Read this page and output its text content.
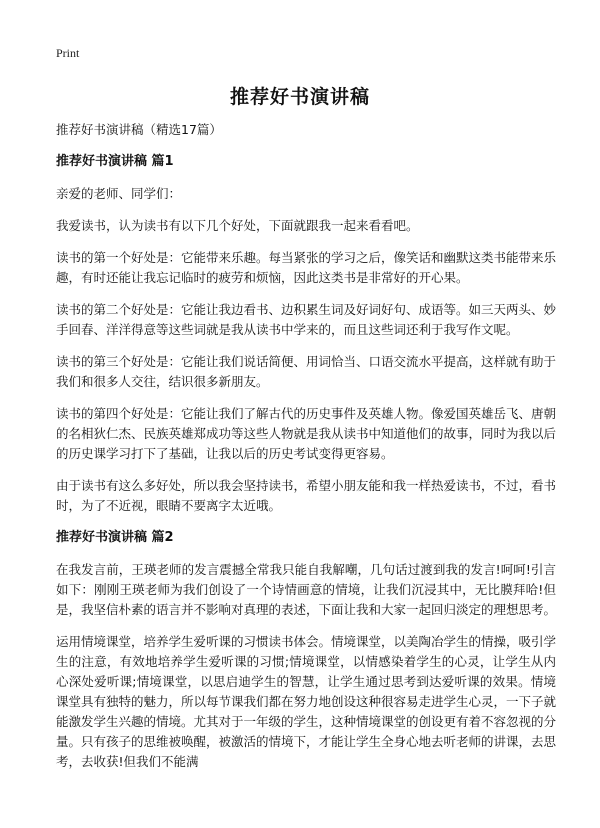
Print
推荐好书演讲稿

推荐好书演讲稿（精选17篇）

推荐好书演讲稿 篇1

亲爱的老师、同学们：

我爱读书，认为读书有以下几个好处，下面就跟我一起来看看吧。

读书的第一个好处是：它能带来乐趣。每当紧张的学习之后，像笑话和幽默这类书能带来乐趣，有时还能让我忘记临时的疲劳和烦恼，因此这类书是非常好的开心果。

读书的第二个好处是：它能让我边看书、边积累生词及好词好句、成语等。如三天两头、妙手回春、洋洋得意等这些词就是我从读书中学来的，而且这些词还利于我写作文呢。

读书的第三个好处是：它能让我们说话简便、用词恰当、口语交流水平提高，这样就有助于我们和很多人交往，结识很多新朋友。

读书的第四个好处是：它能让我们了解古代的历史事件及英雄人物。像爱国英雄岳飞、唐朝的名相狄仁杰、民族英雄郑成功等这些人物就是我从读书中知道他们的故事，同时为我以后的历史课学习打下了基础，让我以后的历史考试变得更容易。

由于读书有这么多好处，所以我会坚持读书，希望小朋友能和我一样热爱读书，不过，看书时，为了不近视，眼睛不要离字太近哦。

推荐好书演讲稿 篇2

在我发言前，王瑛老师的发言震撼全常我只能自我解嘲，几句话过渡到我的发言!呵呵!引言如下：刚刚王瑛老师为我们创设了一个诗情画意的情境，让我们沉浸其中，无比膜拜哈!但是，我坚信朴素的语言并不影响对真理的表述，下面让我和大家一起回归淡定的理想思考。

运用情境课堂，培养学生爱听课的习惯读书体会。情境课堂，以美陶冶学生的情操，吸引学生的注意，有效地培养学生爱听课的习惯;情境课堂，以情感染着学生的心灵，让学生从内心深处爱听课;情境课堂，以思启迪学生的智慧，让学生通过思考到达爱听课的效果。情境课堂具有独特的魅力，所以每节课我们都在努力地创设这种很容易走进学生心灵，一下子就能激发学生兴趣的情境。尤其对于一年级的学生，这种情境课堂的创设更有着不容忽视的分量。只有孩子的思维被唤醒，被激活的情境下，才能让学生全身心地去听老师的讲课，去思考，去收获!但我们不能满
